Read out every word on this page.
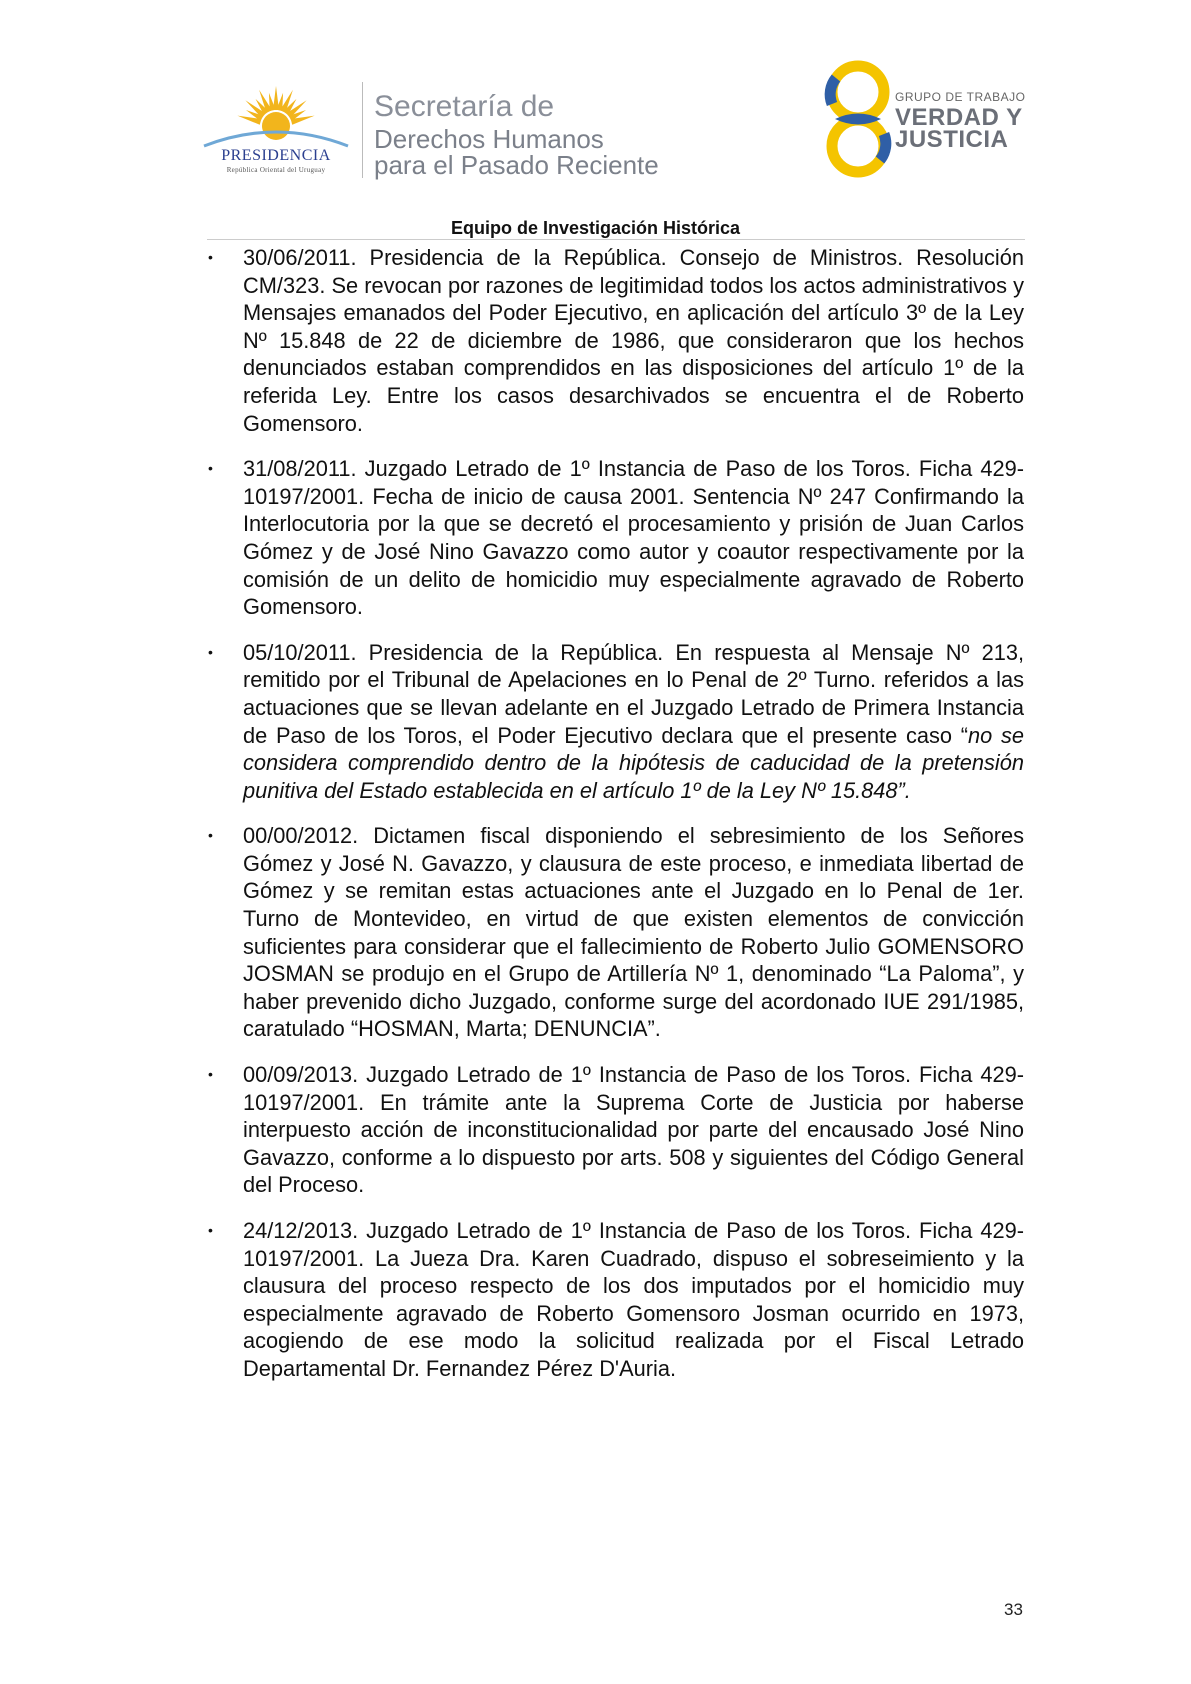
PRESIDENCIA
República Oriental del Uruguay
Secretaría de
Derechos Humanos
para el Pasado Reciente
GRUPO DE TRABAJO
VERDAD Y
JUSTICIA
Equipo de Investigación Histórica
• 30/06/2011. Presidencia de la República. Consejo de Ministros. Resolución CM/323. Se revocan por razones de legitimidad todos los actos administrativos y Mensajes emanados del Poder Ejecutivo, en aplicación del artículo 3º de la Ley Nº 15.848 de 22 de diciembre de 1986, que consideraron que los hechos denunciados estaban comprendidos en las disposiciones del artículo 1º de la referida Ley. Entre los casos desarchivados se encuentra el de Roberto Gomensoro.
• 31/08/2011. Juzgado Letrado de 1º Instancia de Paso de los Toros. Ficha 429-10197/2001. Fecha de inicio de causa 2001. Sentencia Nº 247 Confirmando la Interlocutoria por la que se decretó el procesamiento y prisión de Juan Carlos Gómez y de José Nino Gavazzo como autor y coautor respectivamente por la comisión de un delito de homicidio muy especialmente agravado de Roberto Gomensoro.
• 05/10/2011. Presidencia de la República. En respuesta al Mensaje Nº 213, remitido por el Tribunal de Apelaciones en lo Penal de 2º Turno. referidos a las actuaciones que se llevan adelante en el Juzgado Letrado de Primera Instancia de Paso de los Toros, el Poder Ejecutivo declara que el presente caso “no se considera comprendido dentro de la hipótesis de caducidad de la pretensión punitiva del Estado establecida en el artículo 1º de la Ley Nº 15.848”.
• 00/00/2012. Dictamen fiscal disponiendo el sebresimiento de los Señores Gómez y José N. Gavazzo, y clausura de este proceso, e inmediata libertad de Gómez y se remitan estas actuaciones ante el Juzgado en lo Penal de 1er. Turno de Montevideo, en virtud de que existen elementos de convicción suficientes para considerar que el fallecimiento de Roberto Julio GOMENSORO JOSMAN se produjo en el Grupo de Artillería Nº 1, denominado “La Paloma”, y haber prevenido dicho Juzgado, conforme surge del acordonado IUE 291/1985, caratulado “HOSMAN, Marta; DENUNCIA”.
• 00/09/2013. Juzgado Letrado de 1º Instancia de Paso de los Toros. Ficha 429-10197/2001. En trámite ante la Suprema Corte de Justicia por haberse interpuesto acción de inconstitucionalidad por parte del encausado José Nino Gavazzo, conforme a lo dispuesto por arts. 508 y siguientes del Código General del Proceso.
• 24/12/2013. Juzgado Letrado de 1º Instancia de Paso de los Toros. Ficha 429-10197/2001. La Jueza Dra. Karen Cuadrado, dispuso el sobreseimiento y la clausura del proceso respecto de los dos imputados por el homicidio muy especialmente agravado de Roberto Gomensoro Josman ocurrido en 1973, acogiendo de ese modo la solicitud realizada por el Fiscal Letrado Departamental Dr. Fernandez Pérez D'Auria.
33
